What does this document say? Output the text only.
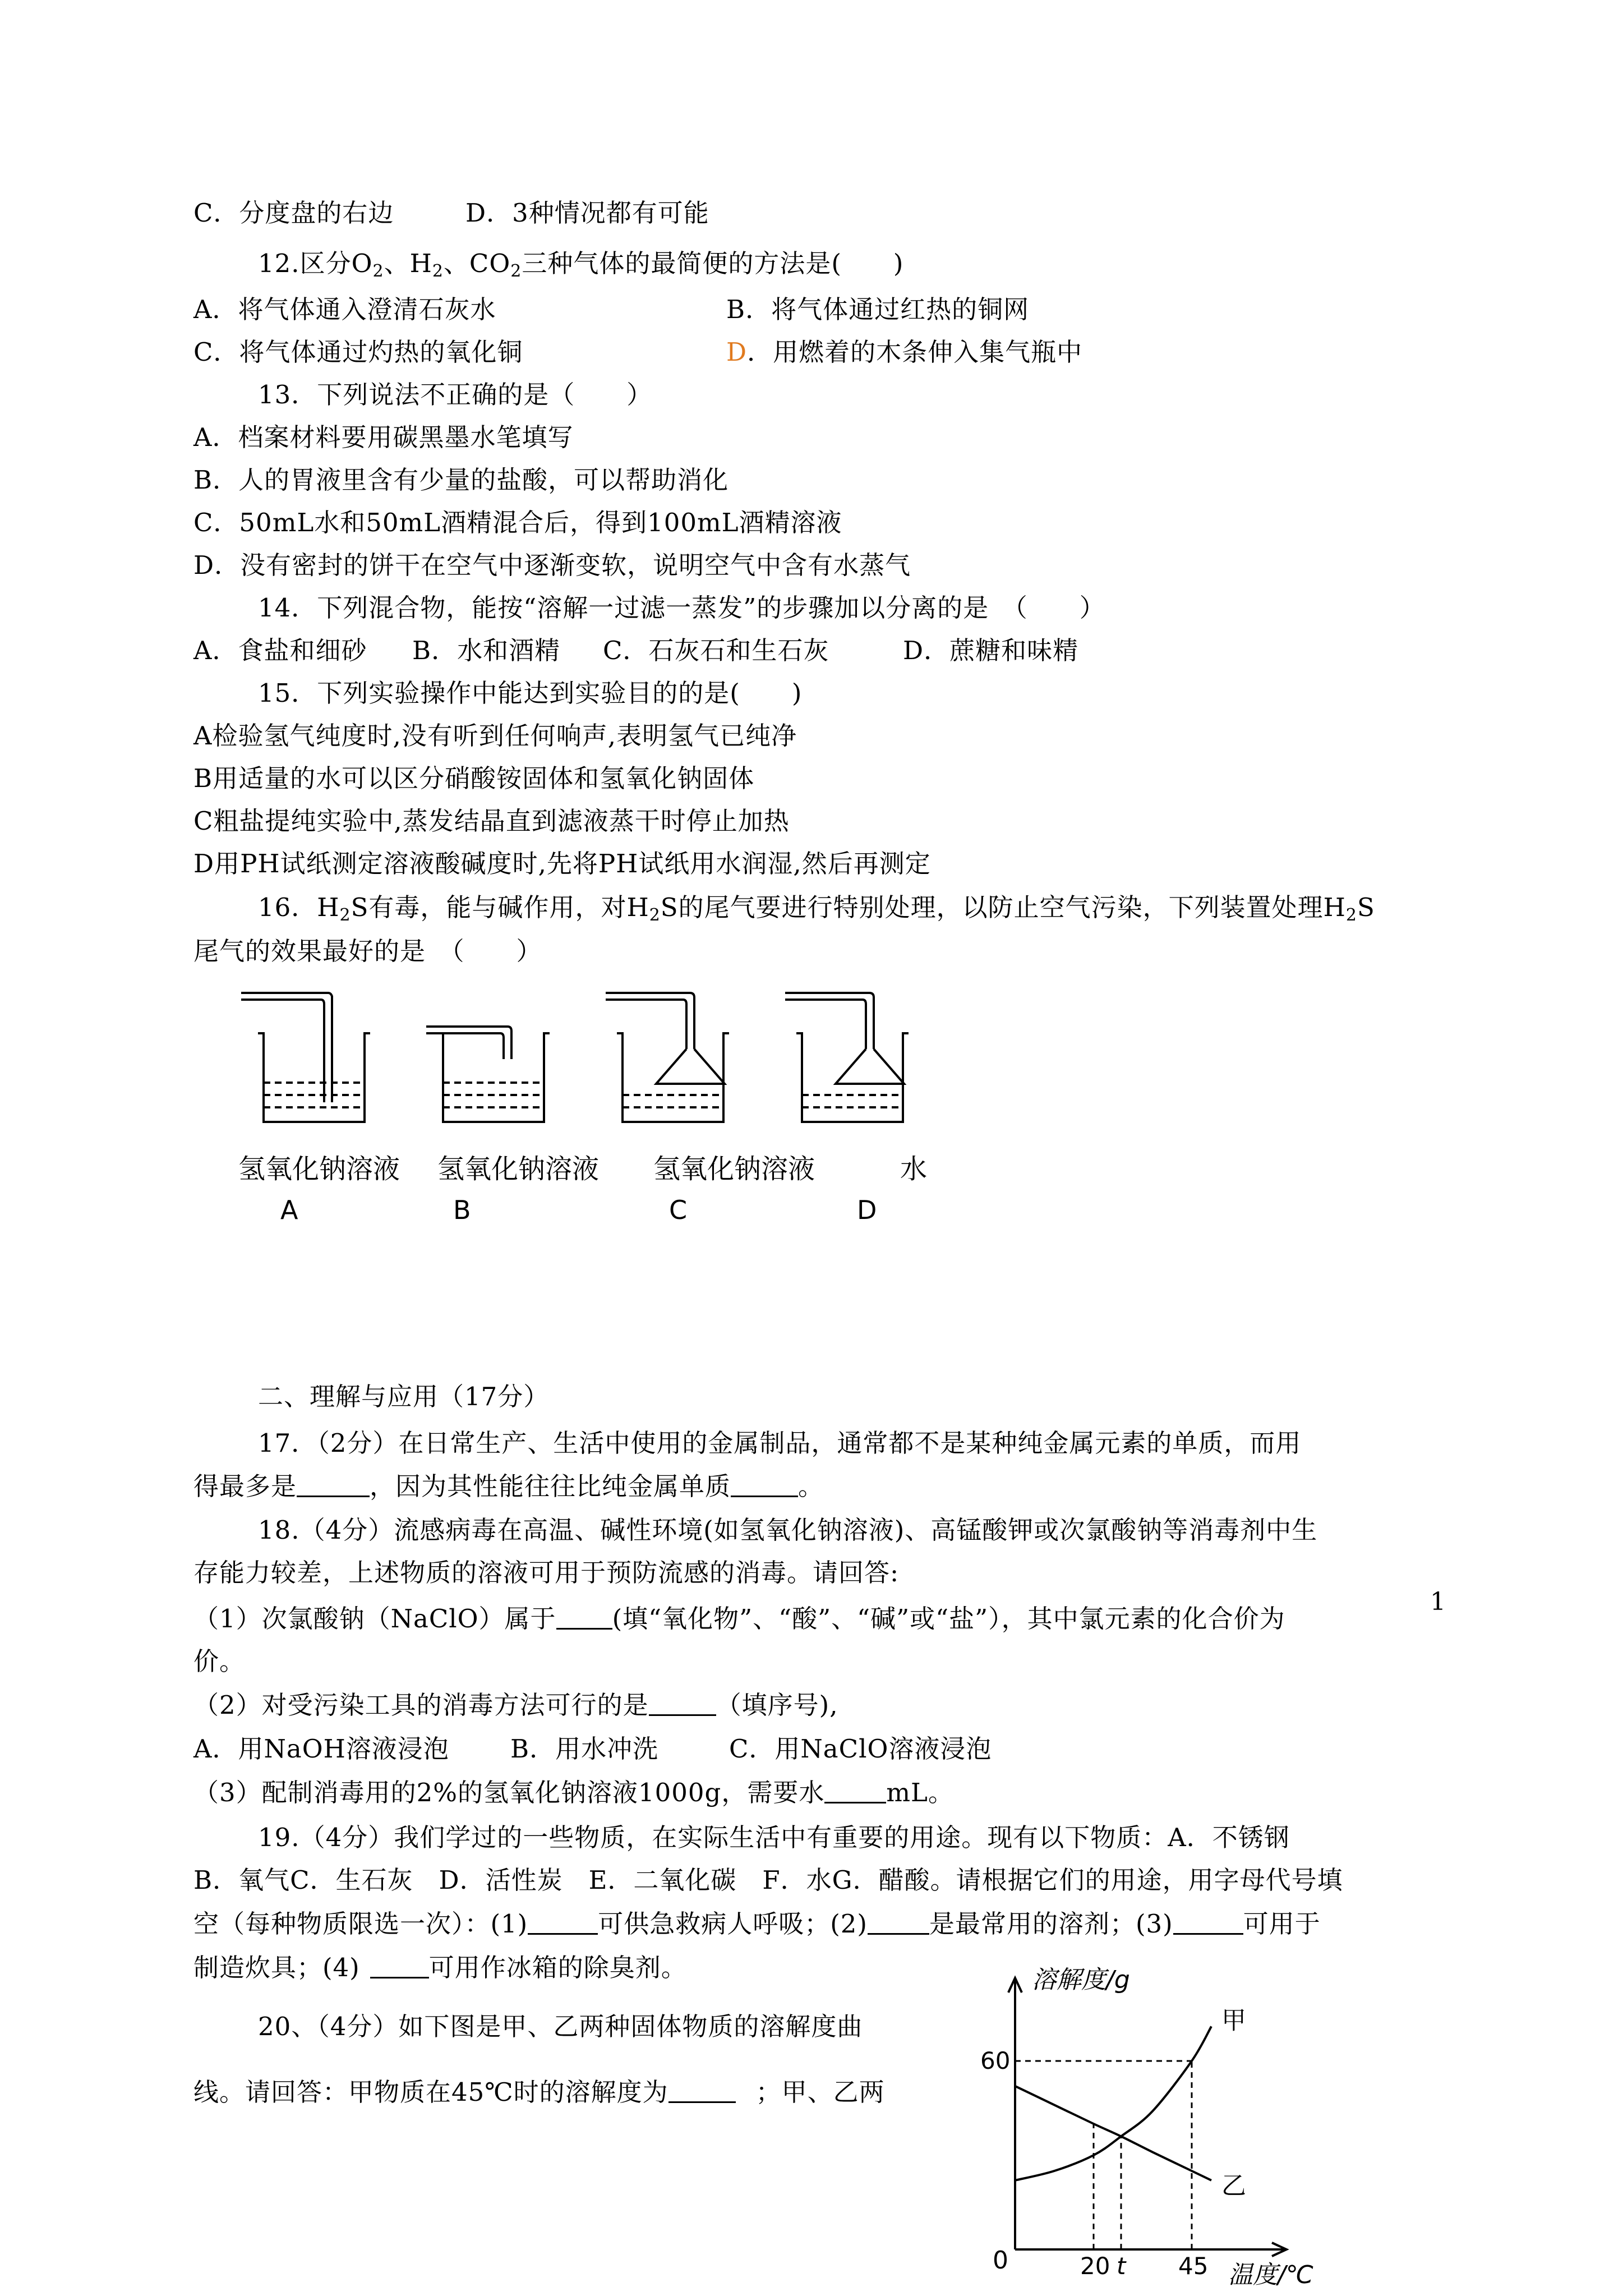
C．分度盘的右边	D．3种情况都有可能
12.区分$O_2$、$H_2$、$CO_2$三种气体的最简便的方法是(　　)
A．将气体通入澄清石灰水	B．将气体通过红热的铜网
C．将气体通过灼热的氧化铜	D．用燃着的木条伸入集气瓶中
13．下列说法不正确的是（　　）
A．档案材料要用碳黑墨水笔填写
B．人的胃液里含有少量的盐酸，可以帮助消化
C．50mL水和50mL酒精混合后，得到100mL酒精溶液
D．没有密封的饼干在空气中逐渐变软，说明空气中含有水蒸气
14．下列混合物，能按“溶解一过滤一蒸发”的步骤加以分离的是　（　　）
A．食盐和细砂 B．水和酒精 C．石灰石和生石灰	D．蔗糖和味精
15．下列实验操作中能达到实验目的的是(　　)
A检验氢气纯度时,没有听到任何响声,表明氢气已纯净
B用适量的水可以区分硝酸铵固体和氢氧化钠固体
C粗盐提纯实验中,蒸发结晶直到滤液蒸干时停止加热
D用PH试纸测定溶液酸碱度时,先将PH试纸用水润湿,然后再测定
16．$H_2S$有毒，能与碱作用，对$H_2S$的尾气要进行特别处理，以防止空气污染，下列装置处理$H_2S$
尾气的效果最好的是　（　　）
氢氧化钠溶液 氢氧化钠溶液 氢氧化钠溶液	水
A	B	C	D
二、理解与应用（17分）
17．（2分）在日常生产、生活中使用的金属制品，通常都不是某种纯金属元素的单质，而用
得最多是	，因为其性能往往比纯金属单质	。
18.（4分）流感病毒在高温、碱性环境(如氢氧化钠溶液)、高锰酸钾或次氯酸钠等消毒剂中生
存能力较差，上述物质的溶液可用于预防流感的消毒。请回答:
（1）次氯酸钠（NaClO）属于 (填“氧化物”、“酸”、“碱”或“盐”），其中氯元素的化合价为
价。
（2）对受污染工具的消毒方法可行的是	（填序号),
A．用NaOH溶液浸泡 B．用水冲洗	C．用NaClO溶液浸泡
（3）配制消毒用的2%的氢氧化钠溶液1000g，需要水 mL。
19.（4分）我们学过的一些物质，在实际生活中有重要的用途。现有以下物质：A．不锈钢
B．氧气C．生石灰　D．活性炭　E．二氧化碳　F．水G．醋酸。请根据它们的用途，用字母代号填
空（每种物质限选一次）：(1)	可供急救病人呼吸；(2) 是最常用的溶剂；(3)	可用于
制造炊具；(4)	可用作冰箱的除臭剂。
20、（4分）如下图是甲、乙两种固体物质的溶解度曲
线。请回答：甲物质在45℃时的溶解度为	；甲、乙两
1
甲
乙
60
20 t 45
溶解度/g
温度/℃
0
